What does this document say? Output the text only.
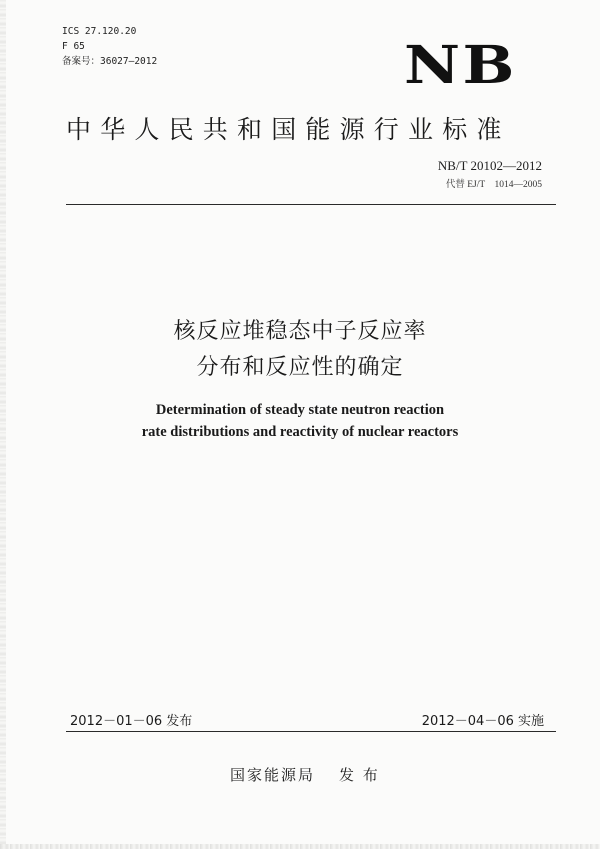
ICS 27.120.20
F 65
备案号：36027—2012	NB
中华人民共和国能源行业标准
NB/T 20102—2012
代替 EJ/T　1014—2005
核反应堆稳态中子反应率
分布和反应性的确定
Determination of steady state neutron reaction
rate distributions and reactivity of nuclear reactors
2012－01－06 发布	2012－04－06 实施
国家能源局 发 布
